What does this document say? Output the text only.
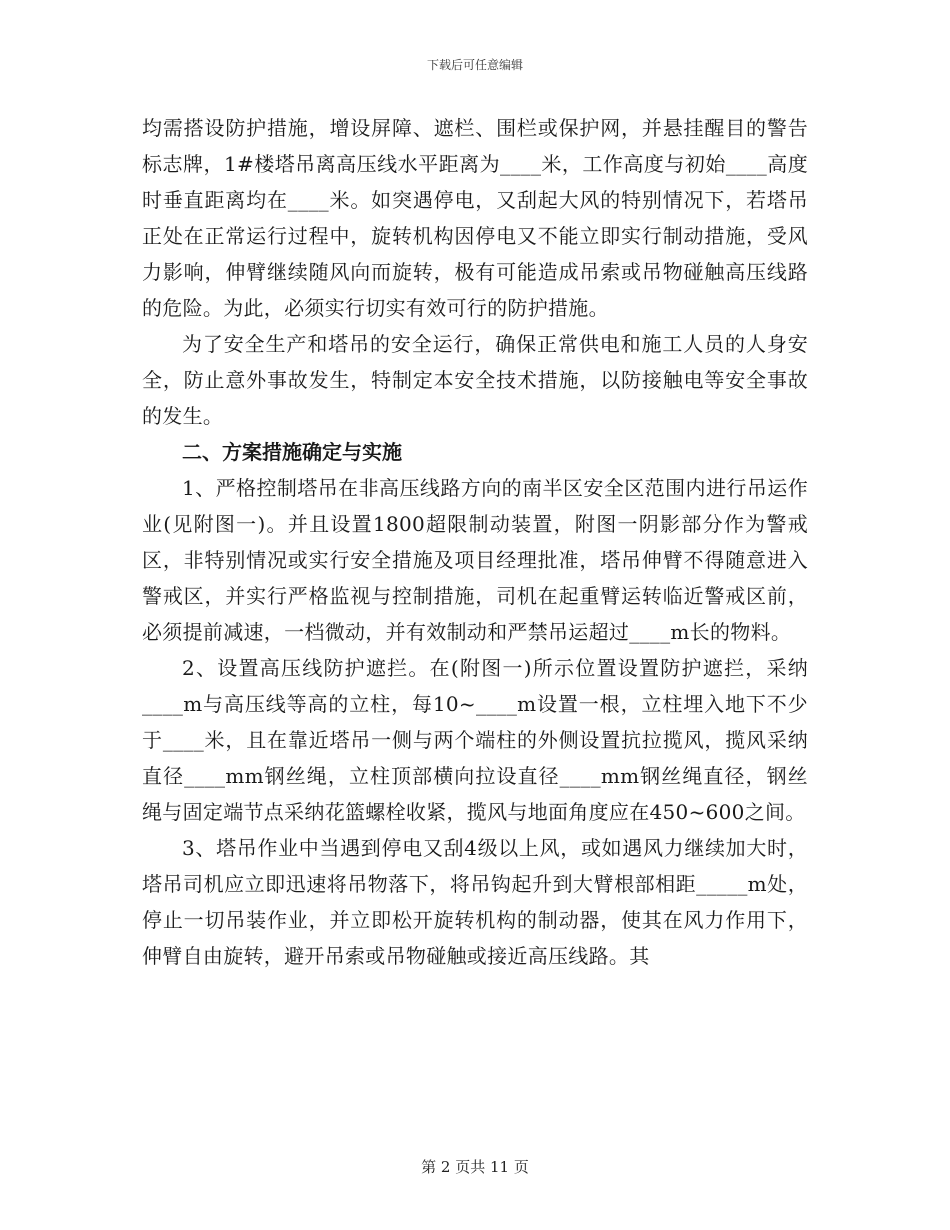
下载后可任意编辑

均需搭设防护措施，增设屏障、遮栏、围栏或保护网，并悬挂醒目的警告标志牌，1#楼塔吊离高压线水平距离为____米，工作高度与初始____高度时垂直距离均在____米。如突遇停电，又刮起大风的特别情况下，若塔吊正处在正常运行过程中，旋转机构因停电又不能立即实行制动措施，受风力影响，伸臂继续随风向而旋转，极有可能造成吊索或吊物碰触高压线路的危险。为此，必须实行切实有效可行的防护措施。

为了安全生产和塔吊的安全运行，确保正常供电和施工人员的人身安全，防止意外事故发生，特制定本安全技术措施，以防接触电等安全事故的发生。

二、方案措施确定与实施

1、严格控制塔吊在非高压线路方向的南半区安全区范围内进行吊运作业(见附图一)。并且设置1800超限制动装置，附图一阴影部分作为警戒区，非特别情况或实行安全措施及项目经理批准，塔吊伸臂不得随意进入警戒区，并实行严格监视与控制措施，司机在起重臂运转临近警戒区前，必须提前减速，一档微动，并有效制动和严禁吊运超过____m长的物料。

2、设置高压线防护遮拦。在(附图一)所示位置设置防护遮拦，采纳____m与高压线等高的立柱，每10~____m设置一根，立柱埋入地下不少于____米，且在靠近塔吊一侧与两个端柱的外侧设置抗拉揽风，揽风采纳直径____mm钢丝绳，立柱顶部横向拉设直径____mm钢丝绳直径，钢丝绳与固定端节点采纳花篮螺栓收紧，揽风与地面角度应在450~600之间。

3、塔吊作业中当遇到停电又刮4级以上风，或如遇风力继续加大时，塔吊司机应立即迅速将吊物落下，将吊钩起升到大臂根部相距_____m处，停止一切吊装作业，并立即松开旋转机构的制动器，使其在风力作用下，伸臂自由旋转，避开吊索或吊物碰触或接近高压线路。其

第 2 页共 11 页
